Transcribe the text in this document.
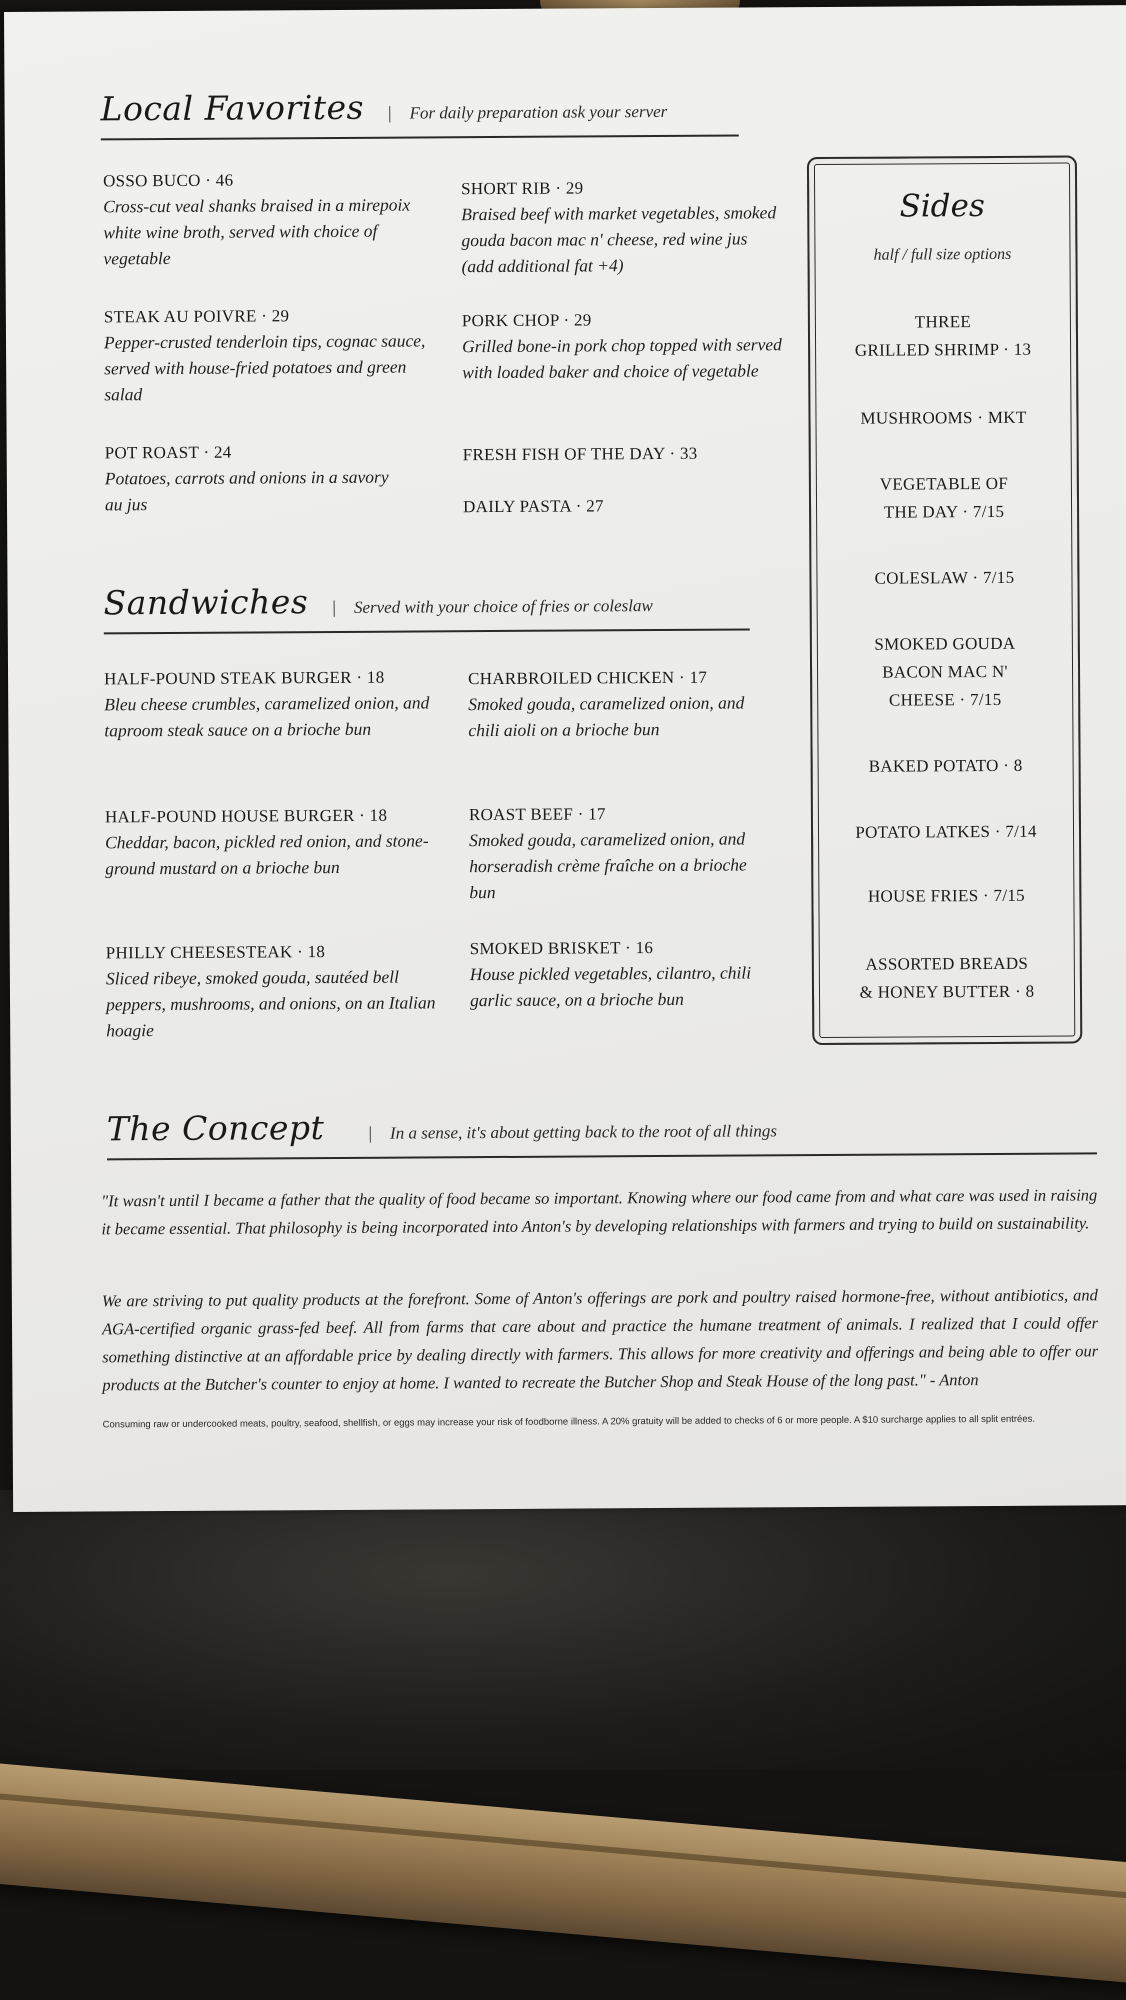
Local Favorites | For daily preparation ask your server
OSSO BUCO · 46
Cross-cut veal shanks braised in a mirepoix white wine broth, served with choice of vegetable
STEAK AU POIVRE · 29
Pepper-crusted tenderloin tips, cognac sauce, served with house-fried potatoes and green salad
POT ROAST · 24
Potatoes, carrots and onions in a savory au jus
SHORT RIB · 29
Braised beef with market vegetables, smoked gouda bacon mac n' cheese, red wine jus (add additional fat +4)
PORK CHOP · 29
Grilled bone-in pork chop topped with served with loaded baker and choice of vegetable
FRESH FISH OF THE DAY · 33
DAILY PASTA · 27
Sandwiches | Served with your choice of fries or coleslaw
HALF-POUND STEAK BURGER · 18
Bleu cheese crumbles, caramelized onion, and taproom steak sauce on a brioche bun
HALF-POUND HOUSE BURGER · 18
Cheddar, bacon, pickled red onion, and stone-ground mustard on a brioche bun
PHILLY CHEESESTEAK · 18
Sliced ribeye, smoked gouda, sautéed bell peppers, mushrooms, and onions, on an Italian hoagie
CHARBROILED CHICKEN · 17
Smoked gouda, caramelized onion, and chili aioli on a brioche bun
ROAST BEEF · 17
Smoked gouda, caramelized onion, and horseradish crème fraîche on a brioche bun
SMOKED BRISKET · 16
House pickled vegetables, cilantro, chili garlic sauce, on a brioche bun
Sides
half / full size options
THREE
GRILLED SHRIMP · 13
MUSHROOMS · MKT
VEGETABLE OF
THE DAY · 7/15
COLESLAW · 7/15
SMOKED GOUDA
BACON MAC N'
CHEESE · 7/15
BAKED POTATO · 8
POTATO LATKES · 7/14
HOUSE FRIES · 7/15
ASSORTED BREADS
& HONEY BUTTER · 8
The Concept | In a sense, it's about getting back to the root of all things
"It wasn't until I became a father that the quality of food became so important. Knowing where our food came from and what care was used in raising it became essential. That philosophy is being incorporated into Anton's by developing relationships with farmers and trying to build on sustainability.
We are striving to put quality products at the forefront. Some of Anton's offerings are pork and poultry raised hormone-free, without antibiotics, and AGA-certified organic grass-fed beef. All from farms that care about and practice the humane treatment of animals. I realized that I could offer something distinctive at an affordable price by dealing directly with farmers. This allows for more creativity and offerings and being able to offer our products at the Butcher's counter to enjoy at home. I wanted to recreate the Butcher Shop and Steak House of the long past." - Anton
Consuming raw or undercooked meats, poultry, seafood, shellfish, or eggs may increase your risk of foodborne illness. A 20% gratuity will be added to checks of 6 or more people. A $10 surcharge applies to all split entrées.
